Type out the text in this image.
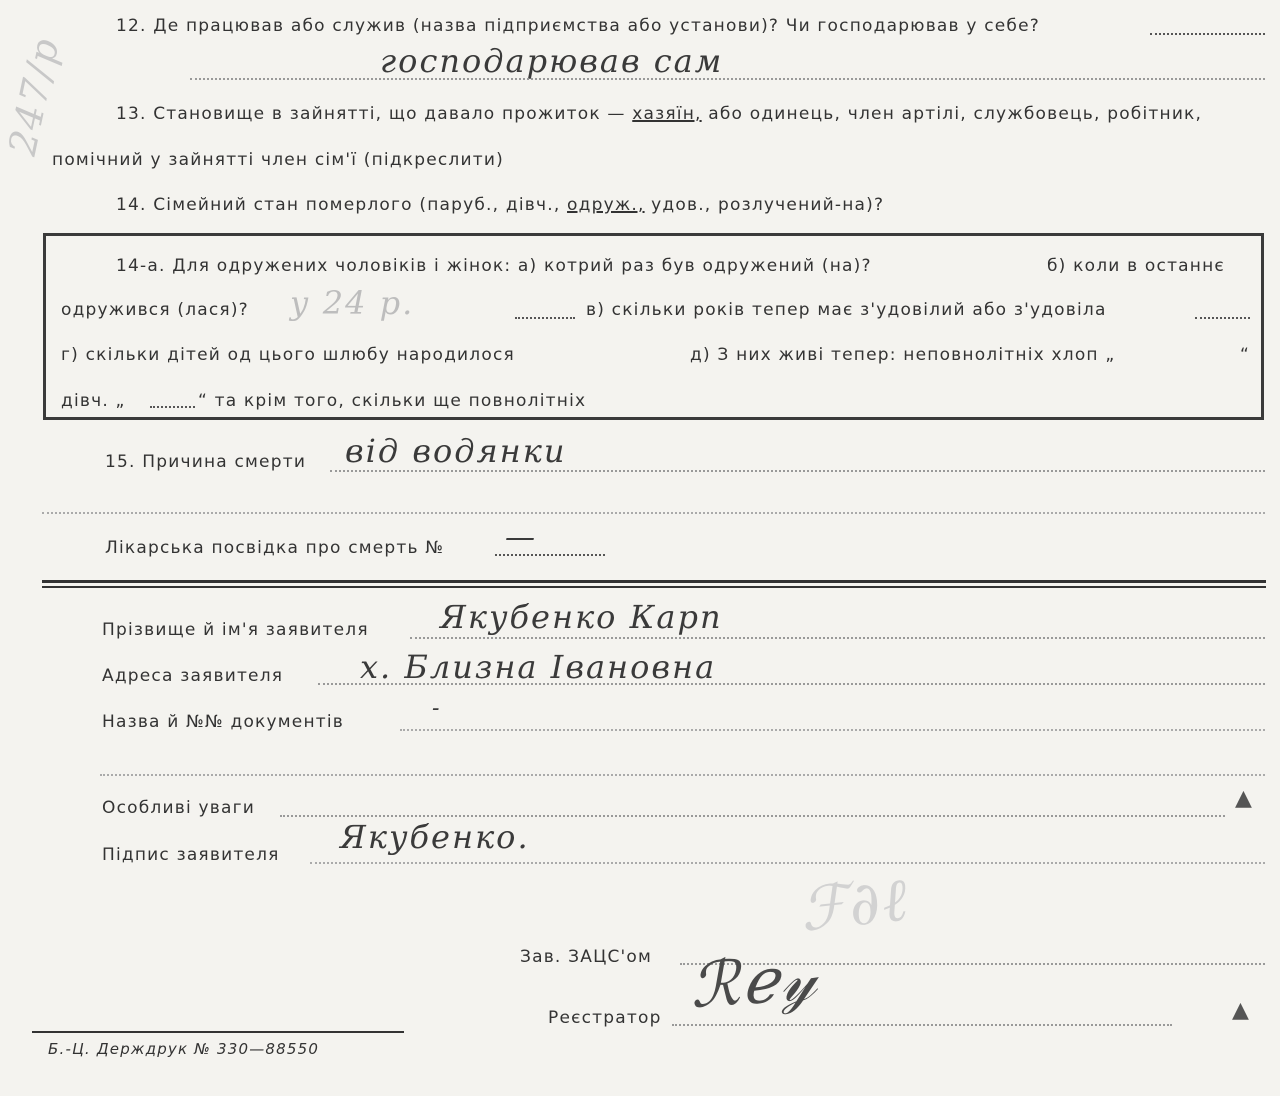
247/р
12. Де працював або служив (назва підприємства або установи)? Чи господарював у себе?
господарював сам
13. Становище в зайнятті, що давало прожиток — хазяїн, або одинець, член артілі, службовець, робітник,
помічний у зайнятті член сім'ї (підкреслити)
14. Сімейний стан померлого (паруб., дівч., одруж., удов., розлучений-на)?
14-а. Для одружених чоловіків і жінок: а) котрий раз був одружений (на)?	б) коли в останнє
одружився (лася)? у 24 р.	в) скільки років тепер має з'удовілий або з'удовіла
г) скільки дітей од цього шлюбу народилося	д) З них живі тепер: неповнолітніх хлоп „	“
дівч. „	“ та крім того, скільки ще повнолітніх
15. Причина смерти від водянки
Лікарська посвідка про смерть № —
Прізвище й ім'я заявителя Якубенко Карп
Адреса заявителя х. Близна Івановна
Назва й №№ документів
-
Особливі уваги	▲
Підпис заявителя Якубенко.
ℱ∂ℓ
Зав. ЗАЦС'ом ℛℯ𝓎
Реєстратор	▲
Б.-Ц. Держдрук № 330—88550
